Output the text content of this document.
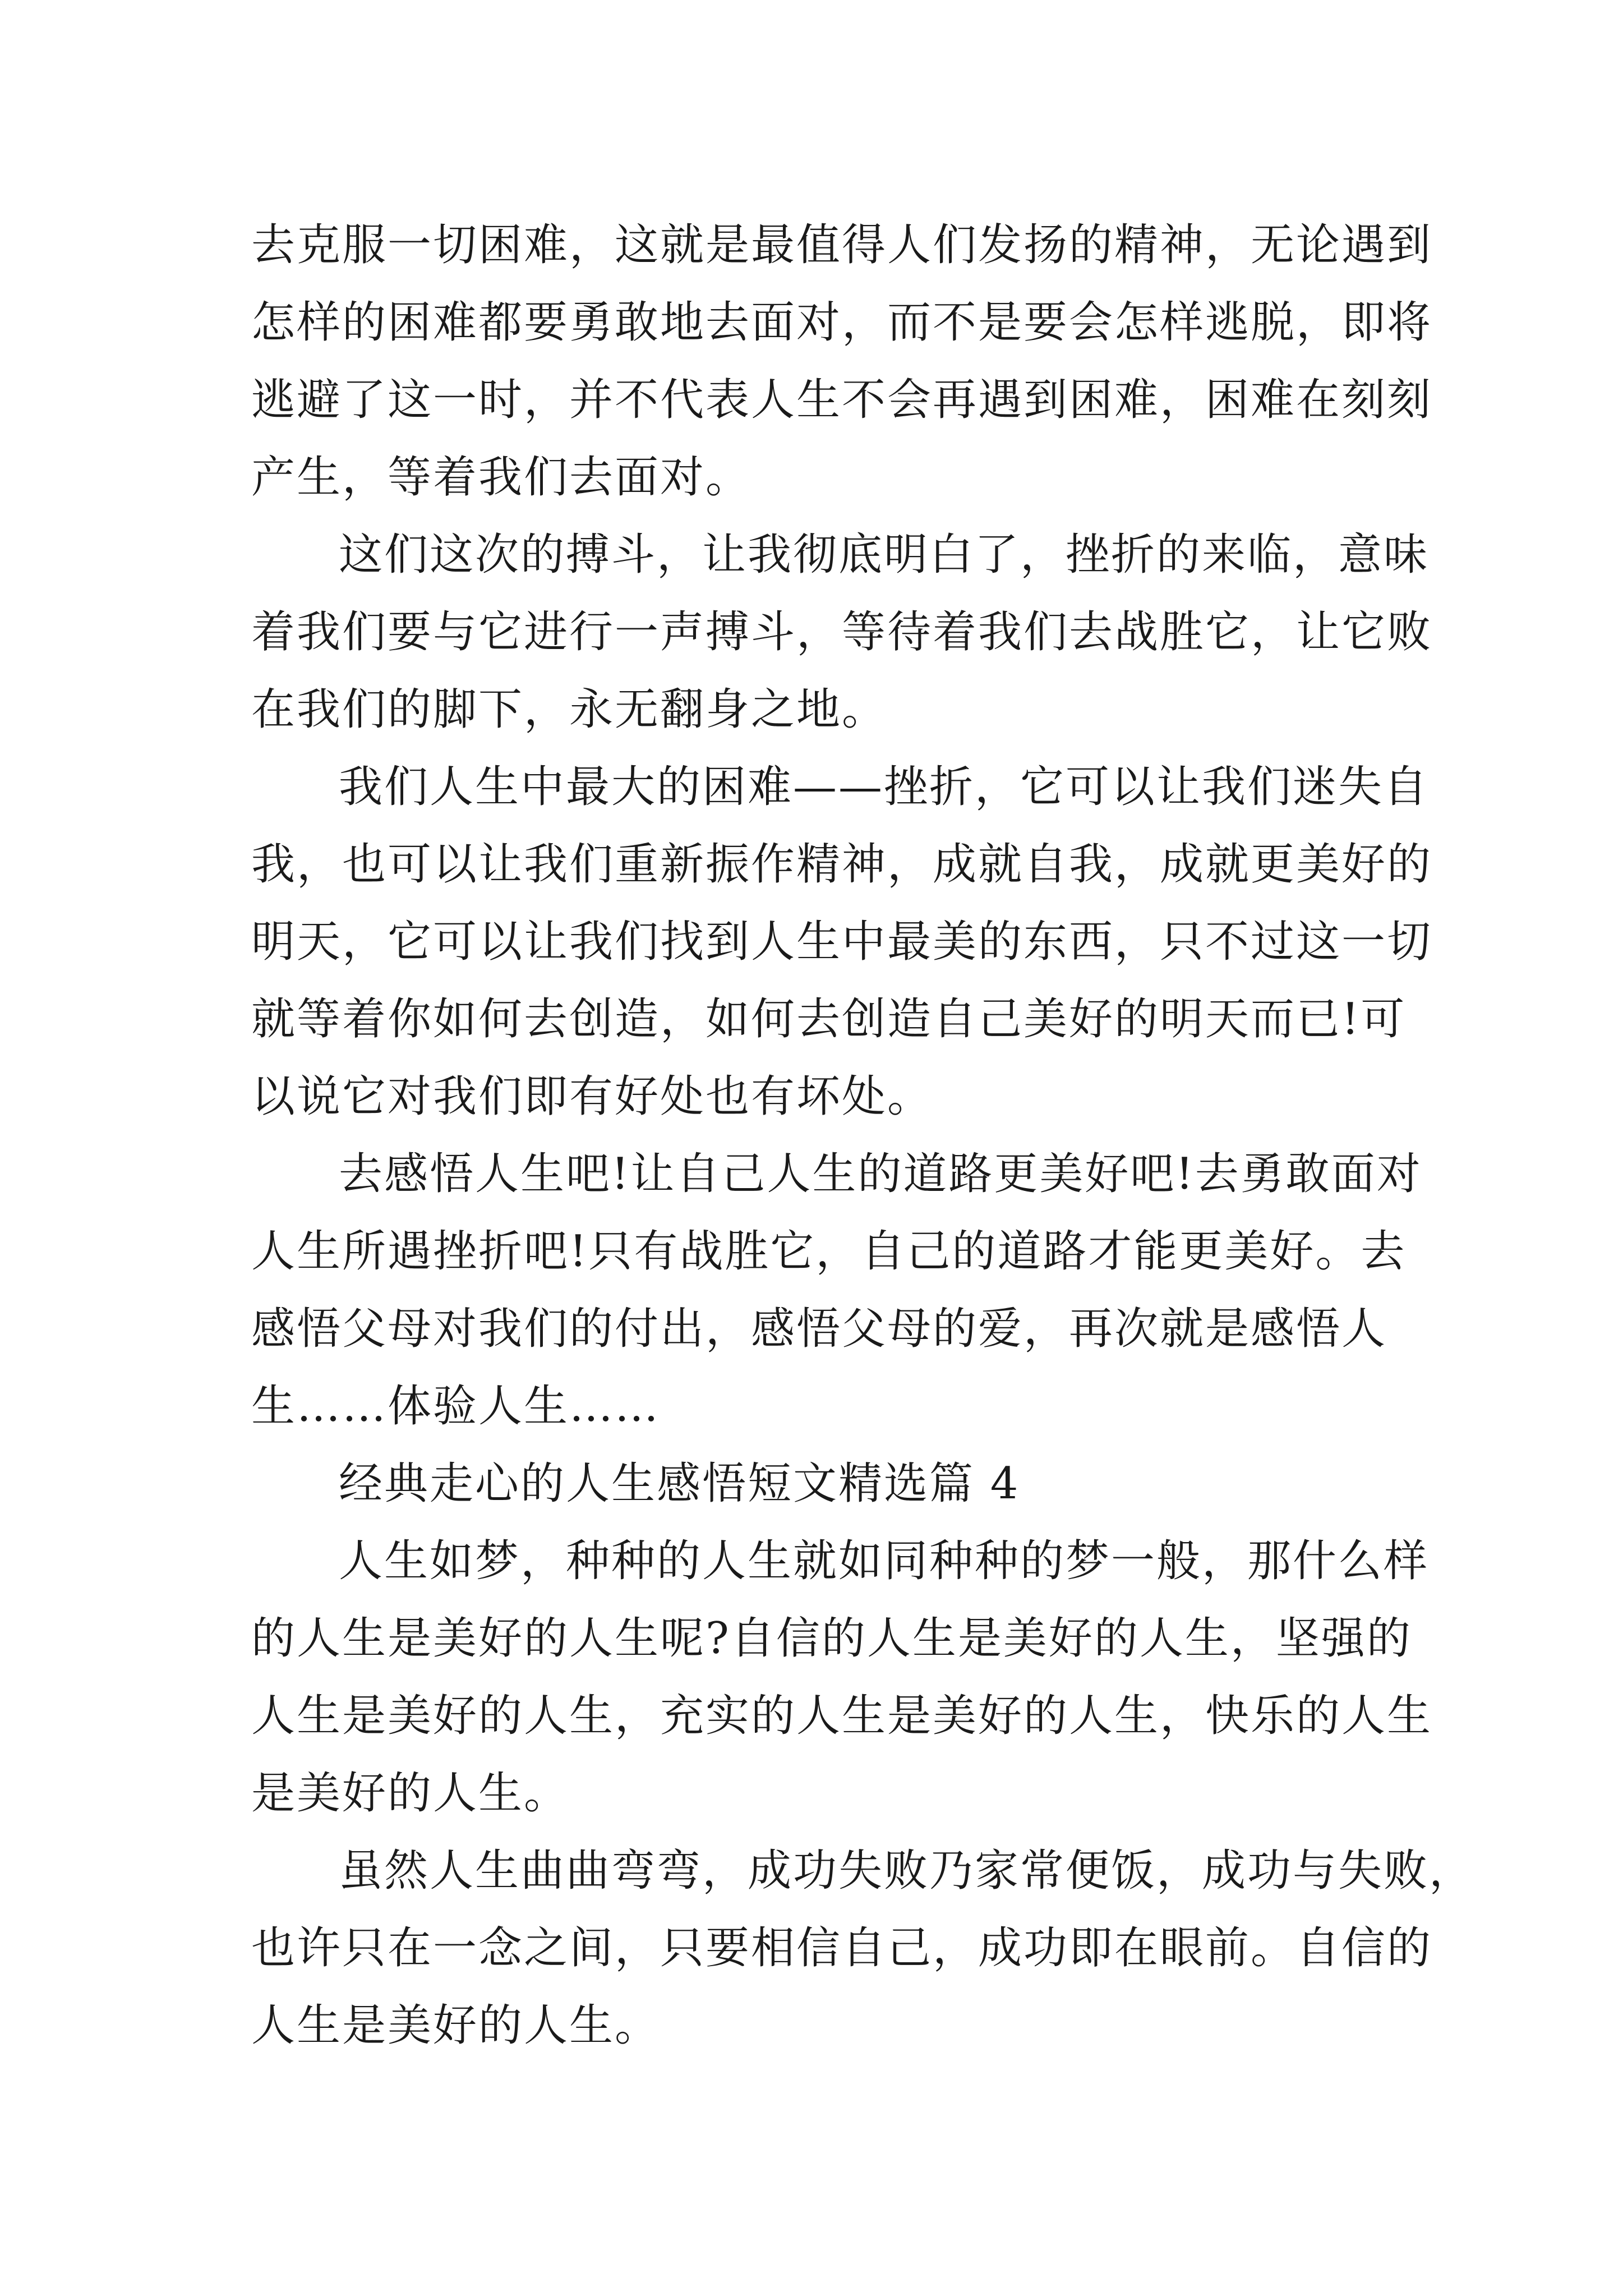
去克服一切困难，这就是最值得人们发扬的精神，无论遇到
怎样的困难都要勇敢地去面对，而不是要会怎样逃脱，即将
逃避了这一时，并不代表人生不会再遇到困难，困难在刻刻
产生，等着我们去面对。
这们这次的搏斗，让我彻底明白了，挫折的来临，意味
着我们要与它进行一声搏斗，等待着我们去战胜它，让它败
在我们的脚下，永无翻身之地。
我们人生中最大的困难——挫折，它可以让我们迷失自
我，也可以让我们重新振作精神，成就自我，成就更美好的
明天，它可以让我们找到人生中最美的东西，只不过这一切
就等着你如何去创造，如何去创造自己美好的明天而已!可
以说它对我们即有好处也有坏处。
去感悟人生吧!让自己人生的道路更美好吧!去勇敢面对
人生所遇挫折吧!只有战胜它，自己的道路才能更美好。去
感悟父母对我们的付出，感悟父母的爱，再次就是感悟人
生……体验人生……
经典走心的人生感悟短文精选篇 4
人生如梦，种种的人生就如同种种的梦一般，那什么样
的人生是美好的人生呢?自信的人生是美好的人生，坚强的
人生是美好的人生，充实的人生是美好的人生，快乐的人生
是美好的人生。
虽然人生曲曲弯弯，成功失败乃家常便饭，成功与失败，
也许只在一念之间，只要相信自己，成功即在眼前。自信的
人生是美好的人生。
